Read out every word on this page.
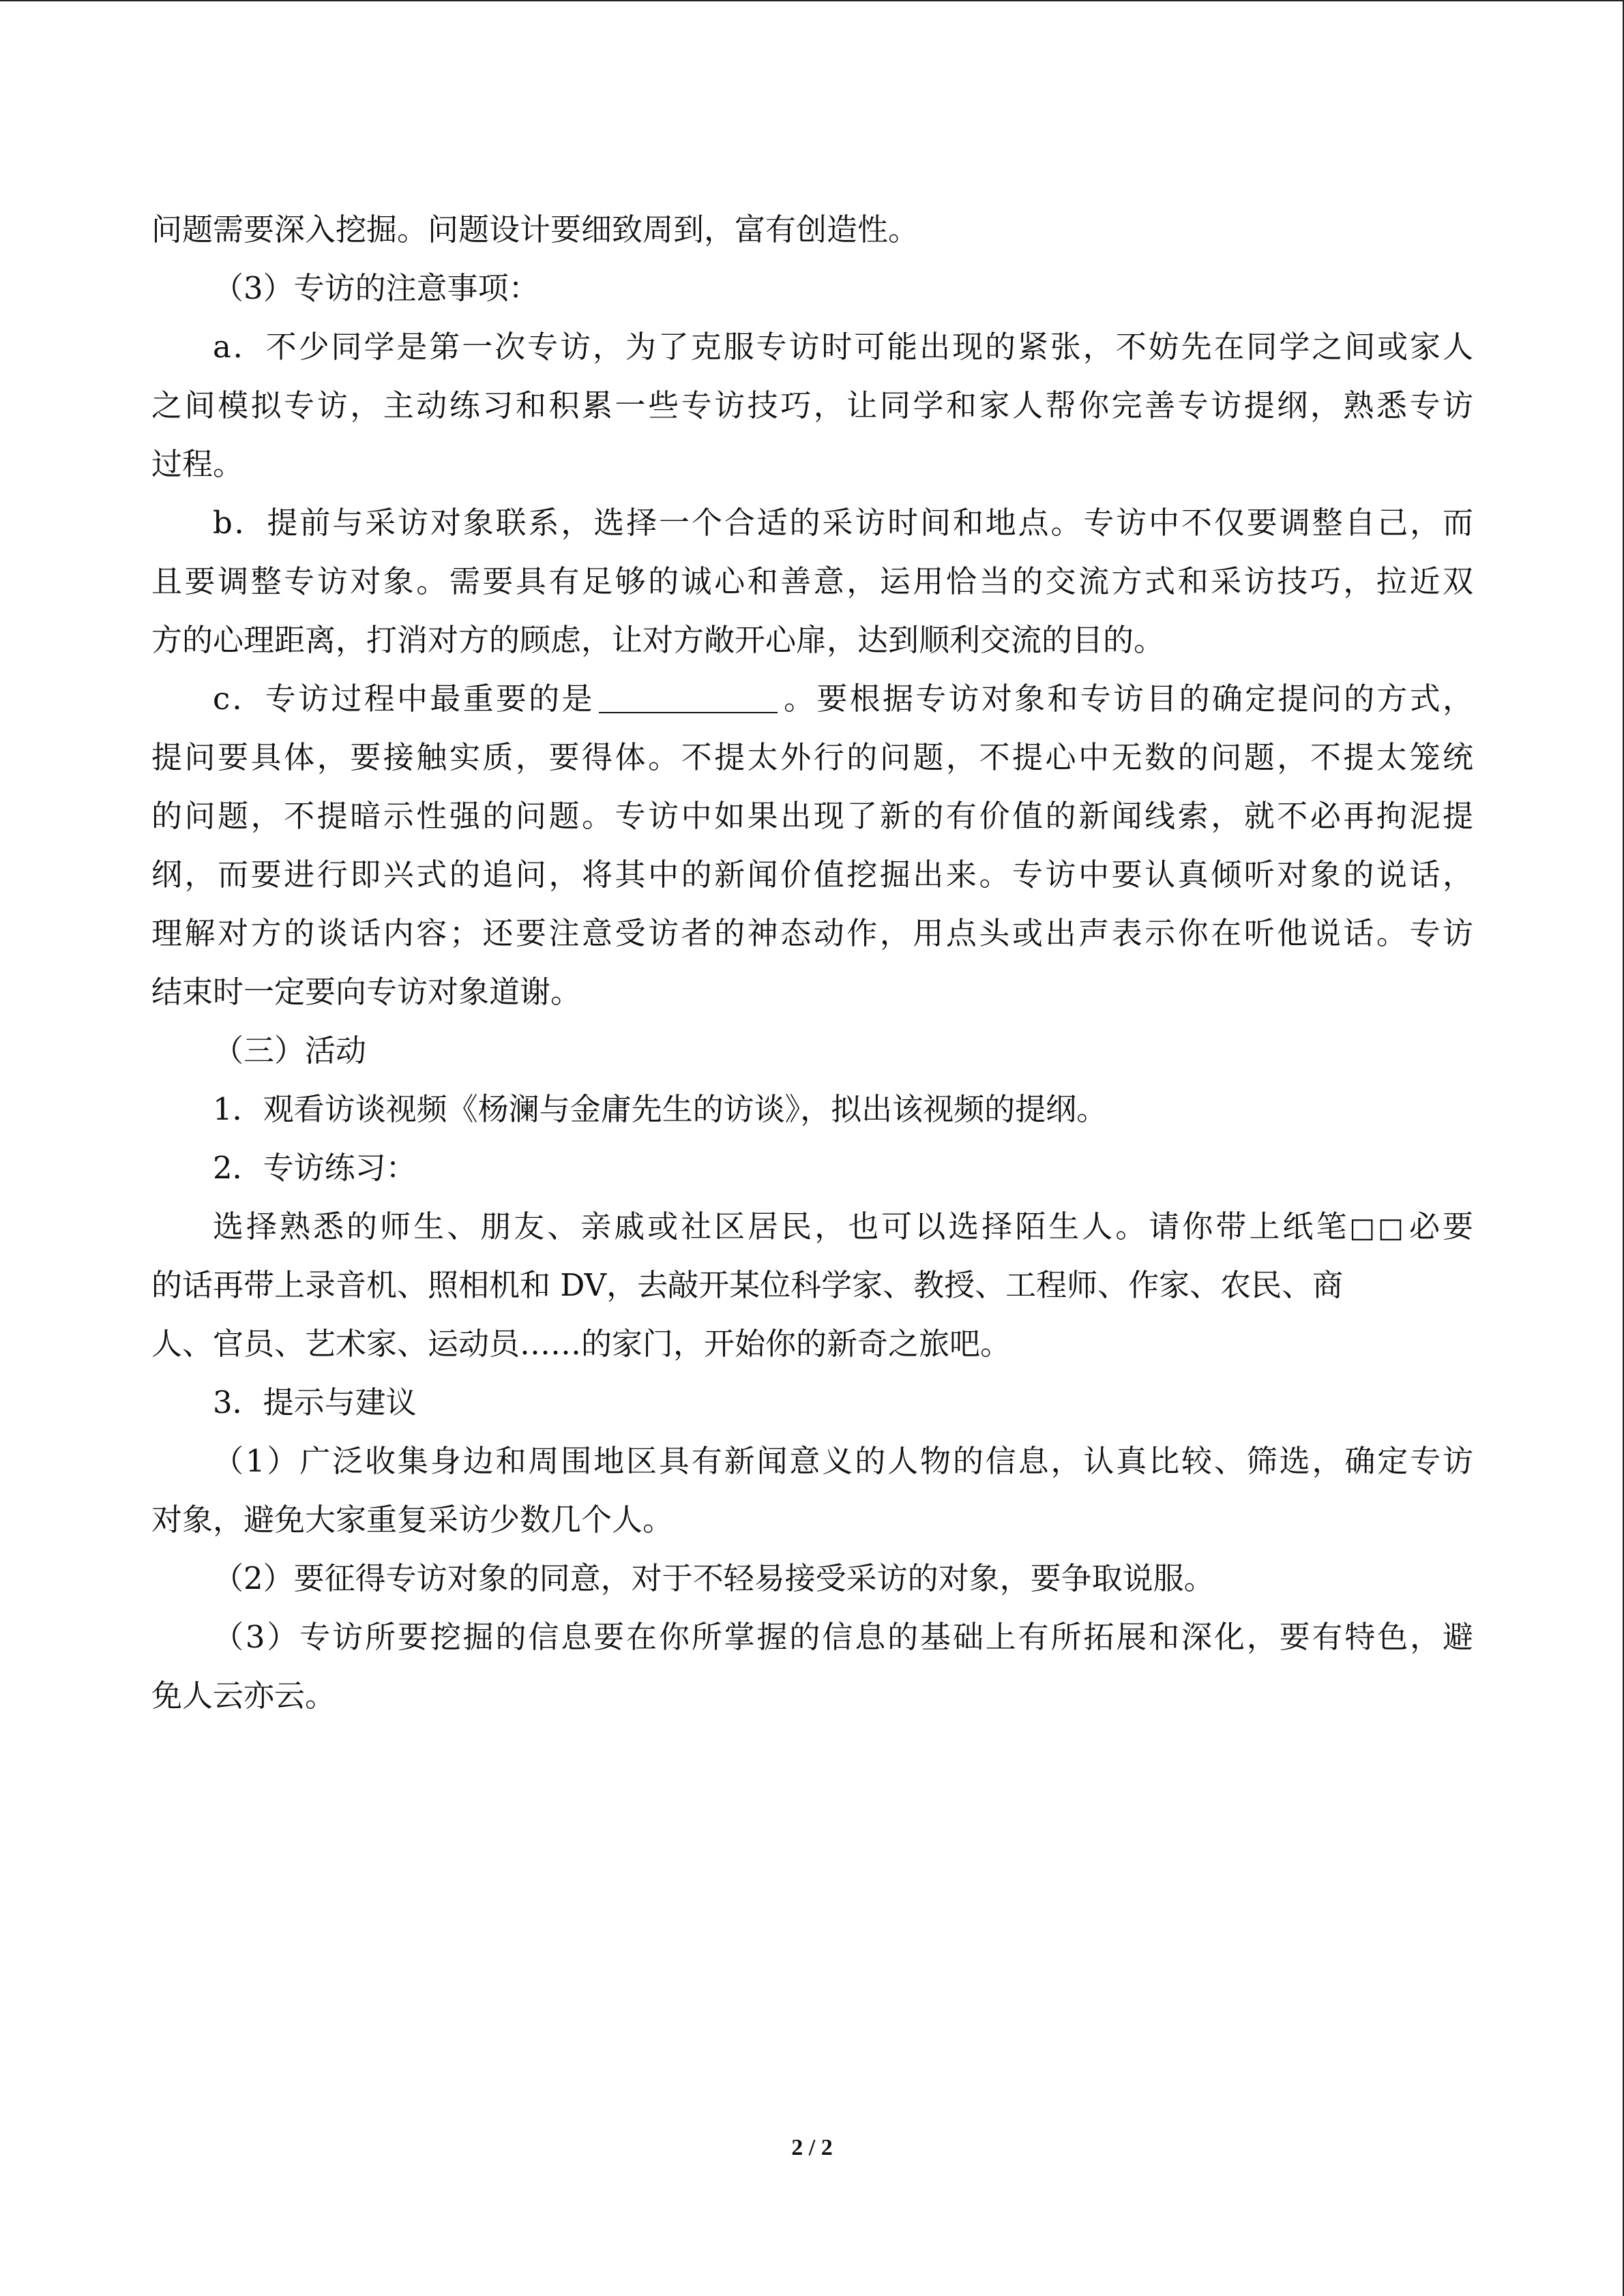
问题需要深入挖掘。问题设计要细致周到，富有创造性。
（3）专访的注意事项：
a．不少同学是第一次专访，为了克服专访时可能出现的紧张，不妨先在同学之间或家人
之间模拟专访，主动练习和积累一些专访技巧，让同学和家人帮你完善专访提纲，熟悉专访
过程。
b．提前与采访对象联系，选择一个合适的采访时间和地点。专访中不仅要调整自己，而
且要调整专访对象。需要具有足够的诚心和善意，运用恰当的交流方式和采访技巧，拉近双
方的心理距离，打消对方的顾虑，让对方敞开心扉，达到顺利交流的目的。
c．专访过程中最重要的是	。要根据专访对象和专访目的确定提问的方式，
提问要具体，要接触实质，要得体。不提太外行的问题，不提心中无数的问题，不提太笼统
的问题，不提暗示性强的问题。专访中如果出现了新的有价值的新闻线索，就不必再拘泥提
纲，而要进行即兴式的追问，将其中的新闻价值挖掘出来。专访中要认真倾听对象的说话，
理解对方的谈话内容；还要注意受访者的神态动作，用点头或出声表示你在听他说话。专访
结束时一定要向专访对象道谢。
（三）活动
1．观看访谈视频《杨澜与金庸先生的访谈》，拟出该视频的提纲。
2．专访练习：
选择熟悉的师生、朋友、亲戚或社区居民，也可以选择陌生人。请你带上纸笔□□必要
的话再带上录音机、照相机和 DV，去敲开某位科学家、教授、工程师、作家、农民、商
人、官员、艺术家、运动员……的家门，开始你的新奇之旅吧。
3．提示与建议
（1）广泛收集身边和周围地区具有新闻意义的人物的信息，认真比较、筛选，确定专访
对象，避免大家重复采访少数几个人。
（2）要征得专访对象的同意，对于不轻易接受采访的对象，要争取说服。
（3）专访所要挖掘的信息要在你所掌握的信息的基础上有所拓展和深化，要有特色，避
免人云亦云。
2 / 2
